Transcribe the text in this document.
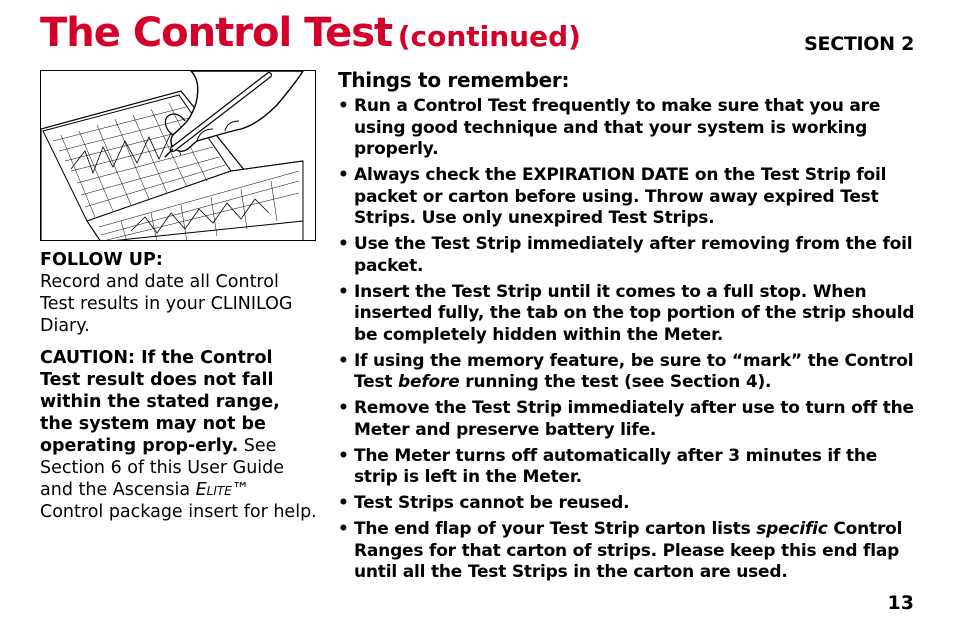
The Control Test (continued)	SECTION 2

FOLLOW UP:
Record and date all Control Test results in your CLINILOG Diary.

CAUTION: If the Control Test result does not fall within the stated range, the system may not be operating prop-erly. See Section 6 of this User Guide and the Ascensia Elite™ Control package insert for help.

Things to remember:
• Run a Control Test frequently to make sure that you are using good technique and that your system is working properly.
• Always check the EXPIRATION DATE on the Test Strip foil packet or carton before using. Throw away expired Test Strips. Use only unexpired Test Strips.
• Use the Test Strip immediately after removing from the foil packet.
• Insert the Test Strip until it comes to a full stop. When inserted fully, the tab on the top portion of the strip should be completely hidden within the Meter.
• If using the memory feature, be sure to “mark” the Control Test before running the test (see Section 4).
• Remove the Test Strip immediately after use to turn off the Meter and preserve battery life.
• The Meter turns off automatically after 3 minutes if the strip is left in the Meter.
• Test Strips cannot be reused.
• The end flap of your Test Strip carton lists specific Control Ranges for that carton of strips. Please keep this end flap until all the Test Strips in the carton are used.
13
